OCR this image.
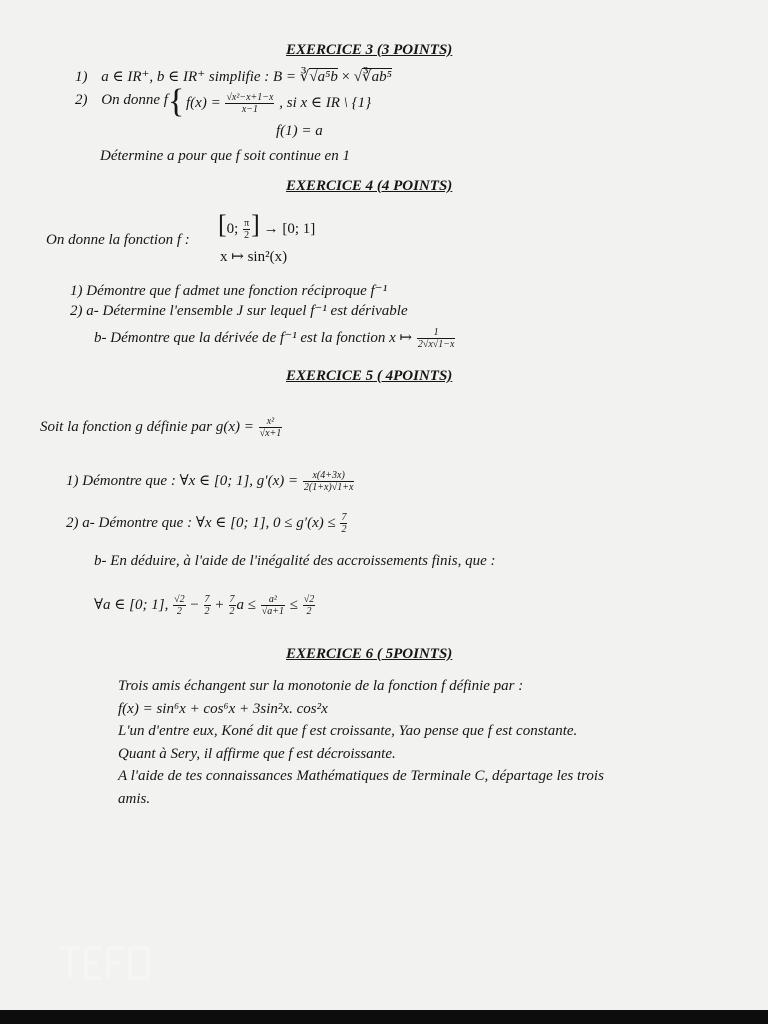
EXERCICE 3 (3 POINTS)
1) a ∈ IR⁺, b ∈ IR⁺ simplifie : B = ∛√a⁵b × √∛ab⁵
2) On donne f { $f(x) = \frac{\text{√x²−x+1−x}}{x-1}$ , si x ∈ IR \ {1}
f(1) = a
Détermine a pour que f soit continue en 1
EXERCICE 4 (4 POINTS)
On donne la fonction f :
[0; $\frac{\pi}{2}$ ] → [0; 1]
x ↦ sin²(x)
1) Démontre que f admet une fonction réciproque f⁻¹
2) a- Détermine l'ensemble J sur lequel f⁻¹ est dérivable
b- Démontre que la dérivée de f⁻¹ est la fonction x ↦ $\frac{1}{2√x√1-x}$
EXERCICE 5 ( 4POINTS)
Soit la fonction g définie par $g(x) = \frac{\text{x²}}{√x+1}$
1) Démontre que : ∀x ∈ [0; 1], $g'(x) = \frac{x(4+3x)}{2(1+x)√1+x}$
2) a- Démontre que : ∀x ∈ [0; 1], $0 \le g'(x) \le \frac{7}{2}$
b- En déduire, à l'aide de l'inégalité des accroissements finis, que :
∀a ∈ [0; 1], $\frac{√2}{2} - \frac{7}{2} + \frac{7}{2}$ $a \le \frac{\text{a²}}{√a+1} \le \frac{√2}{2}$
EXERCICE 6 ( 5POINTS)
Trois amis échangent sur la monotonie de la fonction f définie par :
f(x) = sin⁶x + cos⁶x + 3sin²x. cos²x
L'un d'entre eux, Koné dit que f est croissante, Yao pense que f est constante.
Quant à Sery, il affirme que f est décroissante.
A l'aide de tes connaissances Mathématiques de Terminale C, départage les trois
amis.
